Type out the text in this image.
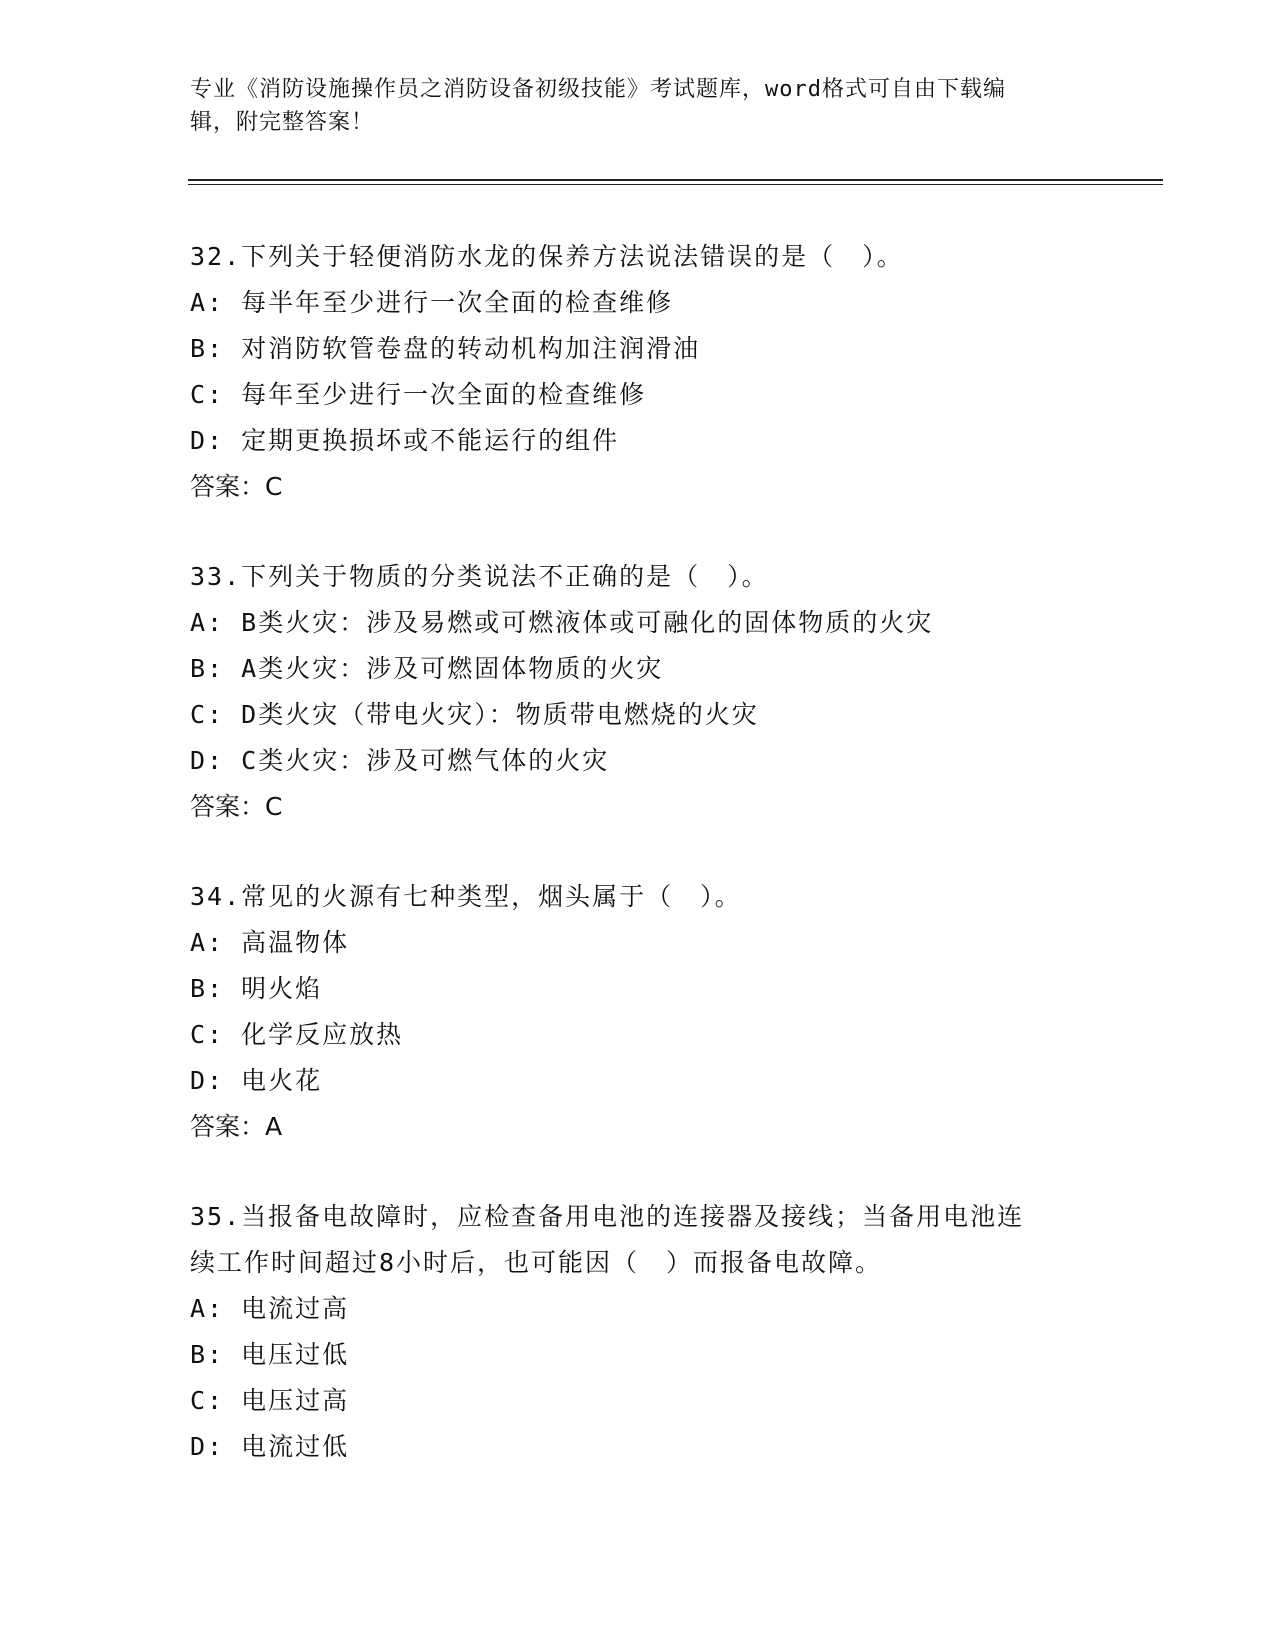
专业《消防设施操作员之消防设备初级技能》考试题库，word格式可自由下载编
辑，附完整答案！
32.下列关于轻便消防水龙的保养方法说法错误的是（　）。
A: 每半年至少进行一次全面的检查维修
B: 对消防软管卷盘的转动机构加注润滑油
C: 每年至少进行一次全面的检查维修
D: 定期更换损坏或不能运行的组件
答案：C
33.下列关于物质的分类说法不正确的是（　）。
A: B类火灾：涉及易燃或可燃液体或可融化的固体物质的火灾
B: A类火灾：涉及可燃固体物质的火灾
C: D类火灾（带电火灾）：物质带电燃烧的火灾
D: C类火灾：涉及可燃气体的火灾
答案：C
34.常见的火源有七种类型，烟头属于（　）。
A: 高温物体
B: 明火焰
C: 化学反应放热
D: 电火花
答案：A
35.当报备电故障时，应检查备用电池的连接器及接线；当备用电池连
续工作时间超过8小时后，也可能因（　）而报备电故障。
A: 电流过高
B: 电压过低
C: 电压过高
D: 电流过低
